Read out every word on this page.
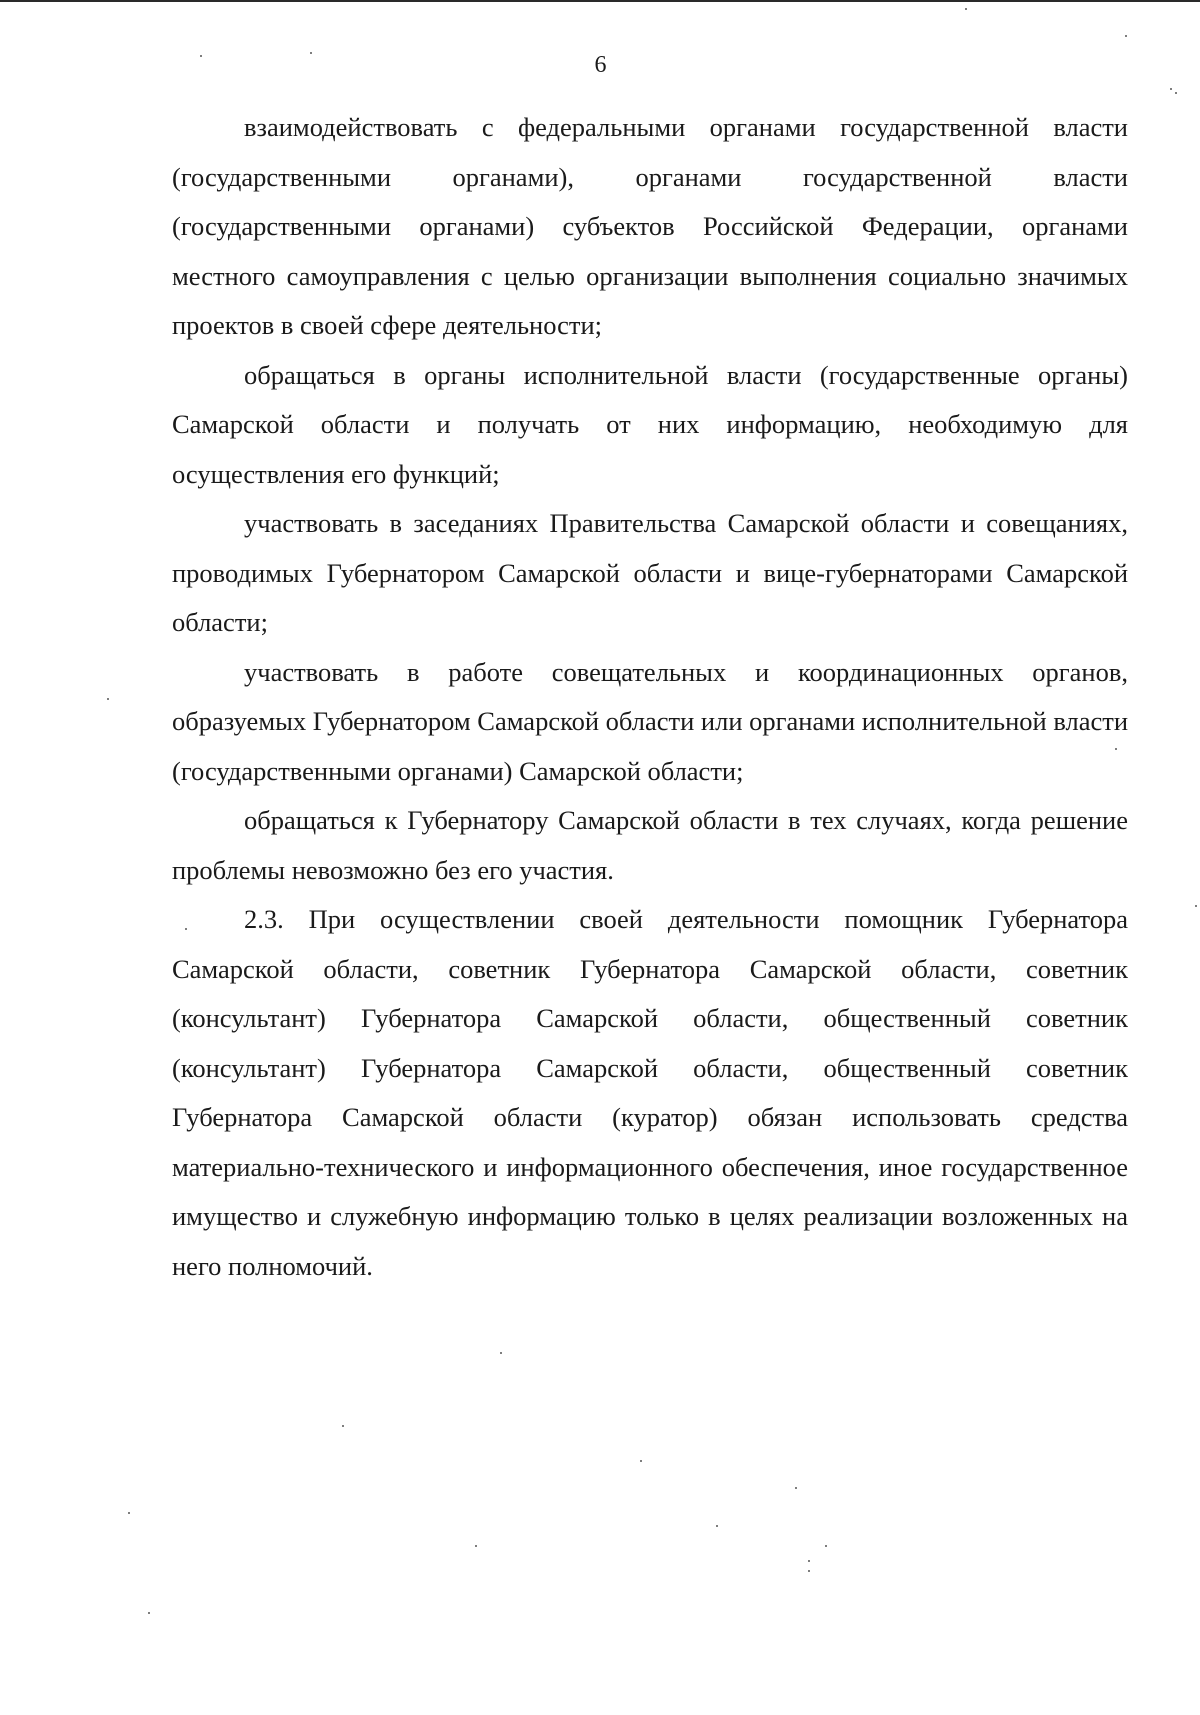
6

взаимодействовать с федеральными органами государственной власти (государственными органами), органами государственной власти (государственными органами) субъектов Российской Федерации, органами местного самоуправления с целью организации выполнения социально значимых проектов в своей сфере деятельности;

обращаться в органы исполнительной власти (государственные органы) Самарской области и получать от них информацию, необходимую для осуществления его функций;

участвовать в заседаниях Правительства Самарской области и совещаниях, проводимых Губернатором Самарской области и вице-губернаторами Самарской области;

участвовать в работе совещательных и координационных органов, образуемых Губернатором Самарской области или органами исполнительной власти (государственными органами) Самарской области;

обращаться к Губернатору Самарской области в тех случаях, когда решение проблемы невозможно без его участия.

2.3. При осуществлении своей деятельности помощник Губернатора Самарской области, советник Губернатора Самарской области, советник (консультант) Губернатора Самарской области, общественный советник (консультант) Губернатора Самарской области, общественный советник Губернатора Самарской области (куратор) обязан использовать средства материально-технического и информационного обеспечения, иное государственное имущество и служебную информацию только в целях реализации возложенных на него полномочий.
